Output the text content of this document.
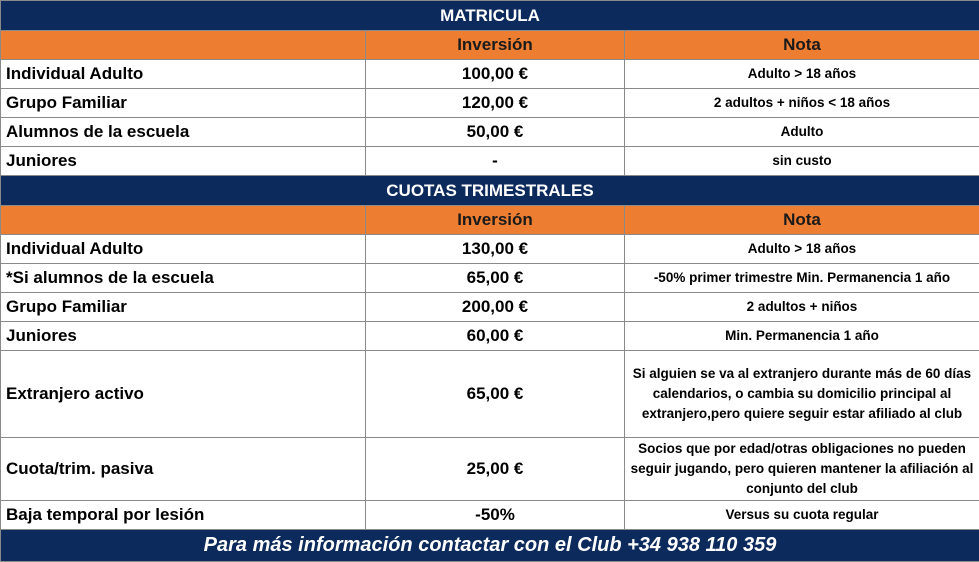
MATRICULA		
	Inversión	Nota
Individual Adulto	100,00 €	Adulto > 18 años
Grupo Familiar	120,00 €	2 adultos + niños < 18 años
Alumnos de la escuela	50,00 €	Adulto
Juniores	-	sin custo
CUOTAS TRIMESTRALES		
	Inversión	Nota
Individual Adulto	130,00 €	Adulto > 18 años
*Si alumnos de la escuela	65,00 €	-50% primer trimestre Min. Permanencia 1 año
Grupo Familiar	200,00 €	2 adultos + niños
Juniores	60,00 €	Min. Permanencia 1 año
Extranjero activo	65,00 €	Si alguien se va al extranjero durante más de 60 días calendarios, o cambia su domicilio principal al extranjero,pero quiere seguir estar afiliado al club
Cuota/trim. pasiva	25,00 €	Socios que por edad/otras obligaciones no pueden seguir jugando, pero quieren mantener la afiliación al conjunto del club
Baja temporal por lesión	-50%	Versus su cuota regular
Para más información contactar con el Club +34 938 110 359		
